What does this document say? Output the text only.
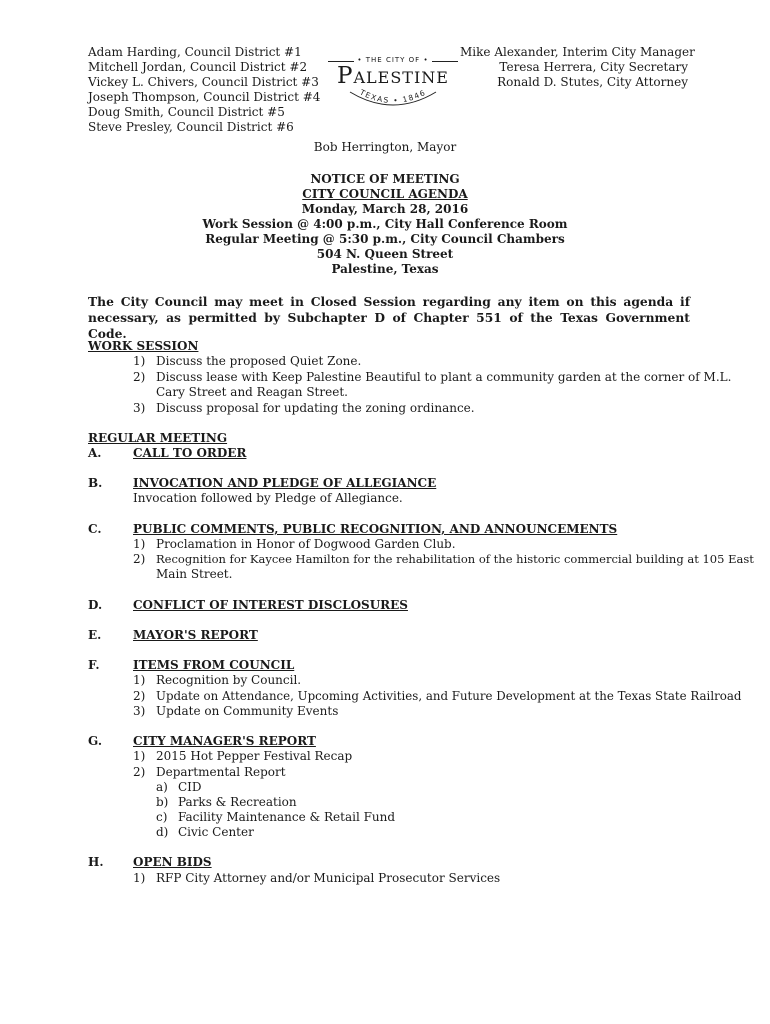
Adam Harding, Council District #1
Mitchell Jordan, Council District #2
Vickey L. Chivers, Council District #3
Joseph Thompson, Council District #4
Doug Smith, Council District #5
Steve Presley, Council District #6
• THE CITY OF •
Palestine
TEXAS • 1846
Mike Alexander, Interim City Manager
Teresa Herrera, City Secretary
Ronald D. Stutes, City Attorney
Bob Herrington, Mayor
NOTICE OF MEETING
CITY COUNCIL AGENDA
Monday, March 28, 2016
Work Session @ 4:00 p.m., City Hall Conference Room
Regular Meeting @ 5:30 p.m., City Council Chambers
504 N. Queen Street
Palestine, Texas
The City Council may meet in Closed Session regarding any item on this agenda if necessary, as permitted by Subchapter D of Chapter 551 of the Texas Government Code.
WORK SESSION
1) Discuss the proposed Quiet Zone.
2) Discuss lease with Keep Palestine Beautiful to plant a community garden at the corner of M.L.
Cary Street and Reagan Street.
3) Discuss proposal for updating the zoning ordinance.
REGULAR MEETING
A.	CALL TO ORDER
B.	INVOCATION AND PLEDGE OF ALLEGIANCE
Invocation followed by Pledge of Allegiance.
C.	PUBLIC COMMENTS, PUBLIC RECOGNITION, AND ANNOUNCEMENTS
1) Proclamation in Honor of Dogwood Garden Club.
2) Recognition for Kaycee Hamilton for the rehabilitation of the historic commercial building at 105 East
Main Street.
D.	CONFLICT OF INTEREST DISCLOSURES
E.	MAYOR'S REPORT
F.	ITEMS FROM COUNCIL
1) Recognition by Council.
2) Update on Attendance, Upcoming Activities, and Future Development at the Texas State Railroad
3) Update on Community Events
G.	CITY MANAGER'S REPORT
1) 2015 Hot Pepper Festival Recap
2) Departmental Report
a) CID
b) Parks & Recreation
c) Facility Maintenance & Retail Fund
d) Civic Center
H. OPEN BIDS
1) RFP City Attorney and/or Municipal Prosecutor Services
